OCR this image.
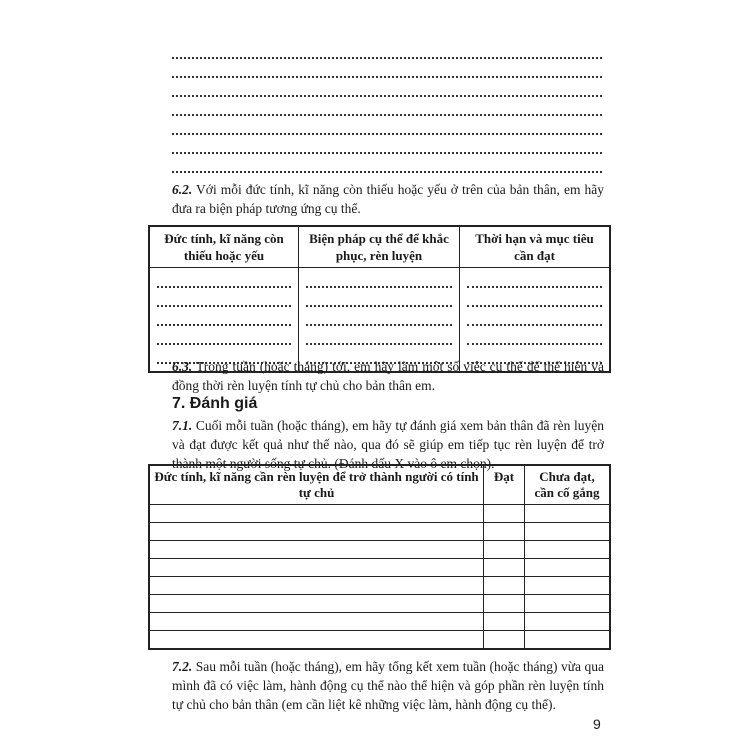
6.2. Với mỗi đức tính, kĩ năng còn thiếu hoặc yếu ở trên của bản thân, em hãy đưa ra biện pháp tương ứng cụ thể.

Đức tính, kĩ năng còn thiếu hoặc yếu	Biện pháp cụ thể để khắc phục, rèn luyện	Thời hạn và mục tiêu cần đạt

6.3. Trong tuần (hoặc tháng) tới, em hãy làm một số việc cụ thể để thể hiện và đồng thời rèn luyện tính tự chủ cho bản thân em.

7. Đánh giá

7.1. Cuối mỗi tuần (hoặc tháng), em hãy tự đánh giá xem bản thân đã rèn luyện và đạt được kết quả như thế nào, qua đó sẽ giúp em tiếp tục rèn luyện để trở thành một người sống tự chủ. (Đánh dấu X vào ô em chọn).

Đức tính, kĩ năng cần rèn luyện để trở thành người có tính tự chủ	Đạt	Chưa đạt, cần cố gắng

7.2. Sau mỗi tuần (hoặc tháng), em hãy tổng kết xem tuần (hoặc tháng) vừa qua mình đã có việc làm, hành động cụ thể nào thể hiện và góp phần rèn luyện tính tự chủ cho bản thân (em cần liệt kê những việc làm, hành động cụ thể).

9
